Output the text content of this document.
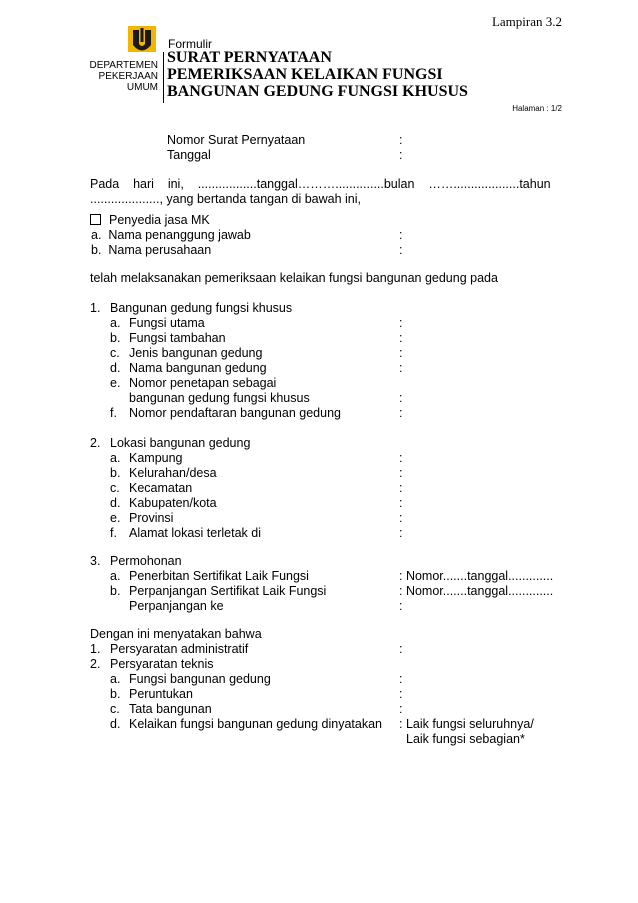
Lampiran 3.2
DEPARTEMEN
PEKERJAAN
UMUM
Formulir
SURAT PERNYATAAN
PEMERIKSAAN KELAIKAN FUNGSI
BANGUNAN GEDUNG FUNGSI KHUSUS
Halaman : 1/2
Nomor Surat Pernyataan	:
Tanggal	:
Pada    hari    ini,    .................tanggal………..............bulan    ……...................tahun
...................., yang bertanda tangan di bawah ini,
Penyedia jasa MK
a.  Nama penanggung jawab	:
b.  Nama perusahaan	:
telah melaksanakan pemeriksaan kelaikan fungsi bangunan gedung pada
1. Bangunan gedung fungsi khusus
a. Fungsi utama	:
b. Fungsi tambahan	:
c. Jenis bangunan gedung	:
d. Nama bangunan gedung	:
e. Nomor penetapan sebagai
bangunan gedung fungsi khusus	:
f. Nomor pendaftaran bangunan gedung	:
2. Lokasi bangunan gedung
a. Kampung	:
b. Kelurahan/desa	:
c. Kecamatan	:
d. Kabupaten/kota	:
e. Provinsi	:
f. Alamat lokasi terletak di	:
3. Permohonan
a. Penerbitan Sertifikat Laik Fungsi	: Nomor.......tanggal.............
b. Perpanjangan Sertifikat Laik Fungsi	: Nomor.......tanggal.............
Perpanjangan ke	:
Dengan ini menyatakan bahwa
1. Persyaratan administratif	:
2. Persyaratan teknis
a. Fungsi bangunan gedung	:
b. Peruntukan	:
c. Tata bangunan	:
d. Kelaikan fungsi bangunan gedung dinyatakan : Laik fungsi seluruhnya/
Laik fungsi sebagian*
